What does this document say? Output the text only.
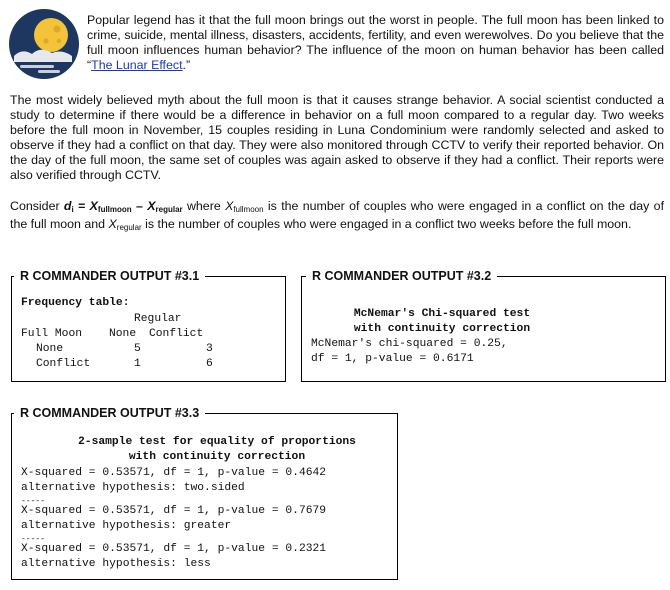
Popular legend has it that the full moon brings out the worst in people. The full moon has been linked to crime, suicide, mental illness, disasters, accidents, fertility, and even werewolves. Do you believe that the full moon influences human behavior? The influence of the moon on human behavior has been called “The Lunar Effect.”

The most widely believed myth about the full moon is that it causes strange behavior. A social scientist conducted a study to determine if there would be a difference in behavior on a full moon compared to a regular day. Two weeks before the full moon in November, 15 couples residing in Luna Condominium were randomly selected and asked to observe if they had a conflict on that day. They were also monitored through CCTV to verify their reported behavior. On the day of the full moon, the same set of couples was again asked to observe if they had a conflict. Their reports were also verified through CCTV.

Consider $d_i = X_{fullmoon} - X_{regular}$ where $X_{fullmoon}$ is the number of couples who were engaged in a conflict on the day of the full moon and $X_{regular}$ is the number of couples who were engaged in a conflict two weeks before the full moon.

Frequency table:
Regular
Full Moon None Conflict
None	5	3
Conflict	1	6
R COMMANDER OUTPUT #3.1
McNemar's Chi-squared test
with continuity correction
McNemar's chi-squared = 0.25,
df = 1, p-value = 0.6171
R COMMANDER OUTPUT #3.2
2-sample test for equality of proportions
with continuity correction
X-squared = 0.53571, df = 1, p-value = 0.4642
alternative hypothesis: two.sided
-----
X-squared = 0.53571, df = 1, p-value = 0.7679
alternative hypothesis: greater
-----
X-squared = 0.53571, df = 1, p-value = 0.2321
alternative hypothesis: less
R COMMANDER OUTPUT #3.3
